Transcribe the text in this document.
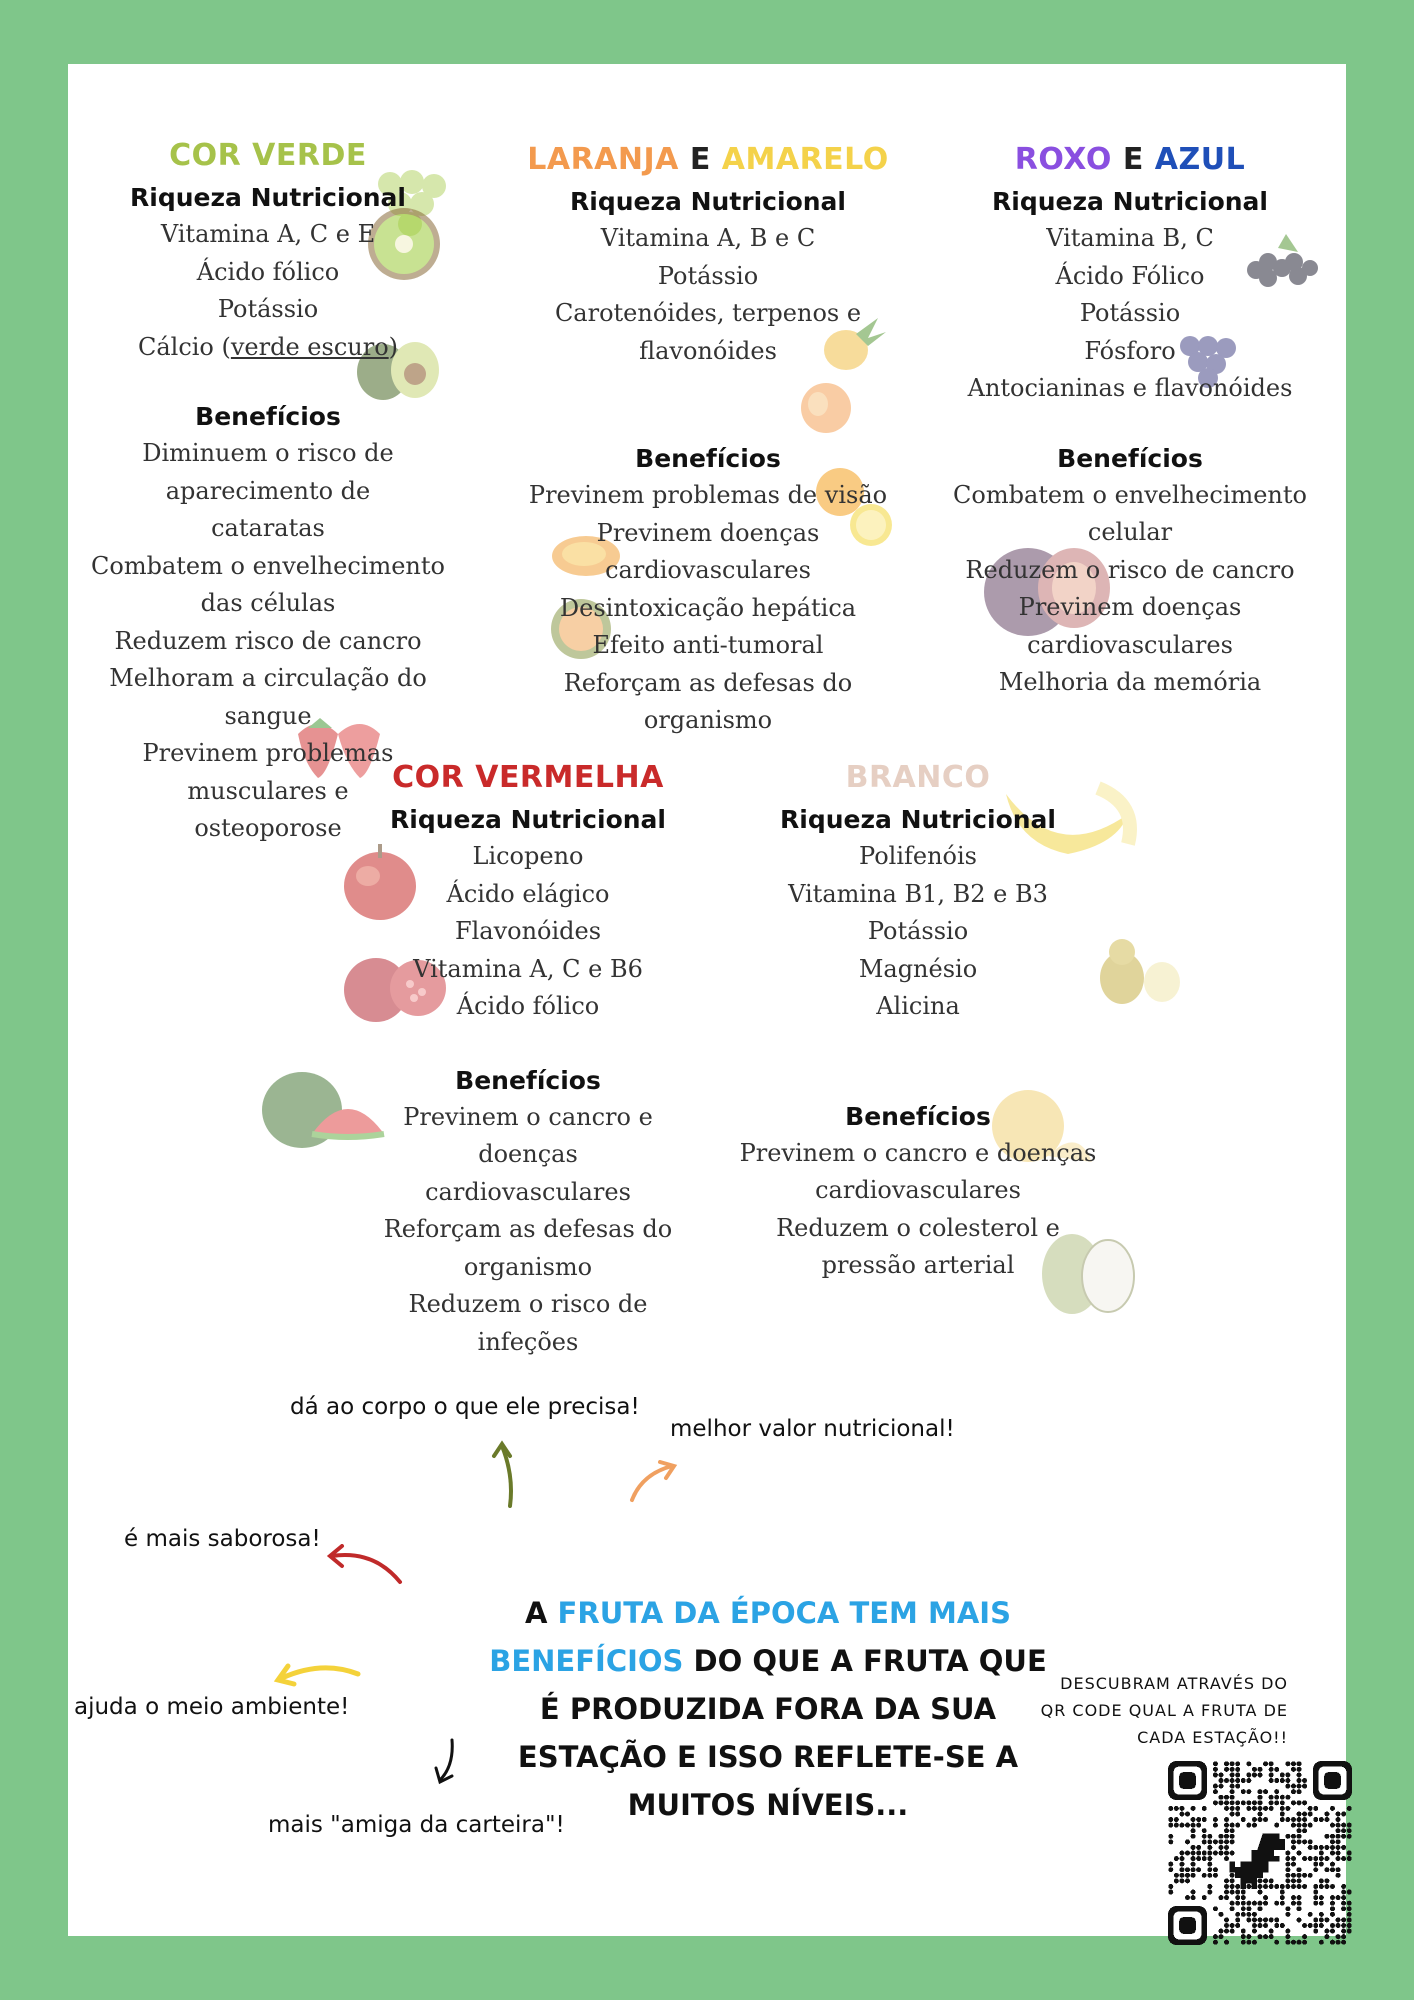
COR VERDE
Riqueza Nutricional
Vitamina A, C e E
Ácido fólico
Potássio
Cálcio (verde escuro)
Benefícios
Diminuem o risco de aparecimento de
cataratas
Combatem o envelhecimento das células
Reduzem risco de cancro
Melhoram a circulação do sangue
Previnem problemas musculares e
osteoporose
LARANJA E AMARELO
Riqueza Nutricional
Vitamina A, B e C
Potássio
Carotenóides, terpenos e flavonóides
Benefícios
Previnem problemas de visão
Previnem doenças cardiovasculares
Desintoxicação hepática
Efeito anti-tumoral
Reforçam as defesas do organismo
ROXO E AZUL
Riqueza Nutricional
Vitamina B, C
Ácido Fólico
Potássio
Fósforo
Antocianinas e flavonóides
Benefícios
Combatem o envelhecimento celular
Reduzem o risco de cancro
Previnem doenças cardiovasculares
Melhoria da memória
COR VERMELHA
Riqueza Nutricional
Licopeno
Ácido elágico
Flavonóides
Vitamina A, C e B6
Ácido fólico
Benefícios
Previnem o cancro e doenças
cardiovasculares
Reforçam as defesas do organismo
Reduzem o risco de infeções
BRANCO
Riqueza Nutricional
Polifenóis
Vitamina B1, B2 e B3
Potássio
Magnésio
Alicina
Benefícios
Previnem o cancro e doenças
cardiovasculares
Reduzem o colesterol e pressão arterial
dá ao corpo o que ele precisa!
melhor valor nutricional!
é mais saborosa!
ajuda o meio ambiente!
mais "amiga da carteira"!
A FRUTA DA ÉPOCA TEM MAIS BENEFÍCIOS DO QUE A FRUTA QUE É PRODUZIDA FORA DA SUA ESTAÇÃO E ISSO REFLETE-SE A MUITOS NÍVEIS...
DESCUBRAM ATRAVÉS DO
QR CODE QUAL A FRUTA DE
CADA ESTAÇÃO!!
